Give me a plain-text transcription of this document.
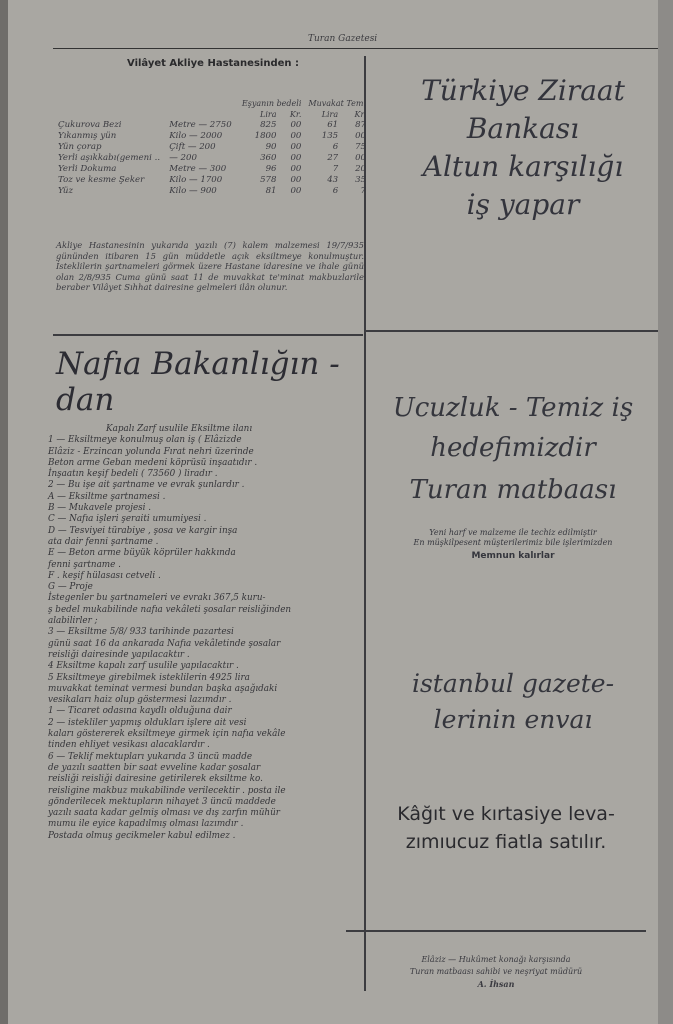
Turan Gazetesi
Vilâyet Akliye Hastanesinden :
		Eşyanın bedeli		Muvakat Tem.	
		Lira	Kr.	Lira	Kr.
Çukurova Bezi	Metre — 2750	825	00	61	87
Yıkanmış yün	Kilo — 2000	1800	00	135	00
Yün çorap	Çift — 200	90	00	6	75
Yerli aşıkkabı(gemeni ..	— 200	360	00	27	00
Yerli Dokuma	Metre — 300	96	00	7	20
Toz ve kesme Şeker	Kilo — 1700	578	00	43	35
Yüz	Kilo — 900	81	00	6	7
Akliye Hastanesinin yukarıda yazılı (7) kalem malzemesi 19/7/935 gününden itibaren 15 gün müddetle açık eksiltmeye konulmuştur. İsteklilerin şartnameleri görmek üzere Hastane idaresine ve ihale günü olan 2/8/935 Cuma günü saat 11 de muvakkat te'minat makbuzlarile beraber Vilâyet Sıhhat dairesine gelmeleri ilân olunur.
Nafıa Bakanlığın -
dan

Kapalı Zarf usulile Eksiltme ilanı

1 — Eksiltmeye konulmuş olan iş ( Elâzizde

Elâziz - Erzincan yolunda Fırat nehri üzerinde

Beton arme Geban medeni köprüsü inşaatıdır .

İnşaatın keşif bedeli ( 73560 ) liradır .

2 — Bu işe ait şartname ve evrak şunlardır .

A — Eksiltme şartnamesi .

B — Mukavele projesi .

C — Nafıa işleri şeraiti umumiyesi .

D — Tesviyei türabiye , şosa ve kargir inşa

ata dair fenni şartname .

E — Beton arme büyük köprüler hakkında

fenni şartname .

F . keşif hülasası cetveli .

G — Proje

İstegenler bu şartnameleri ve evrakı 367,5 kuru-

ş bedel mukabilinde nafıa vekâleti şosalar reisliğinden

alabilirler ;

3 — Eksiltme 5/8/ 933 tarihinde pazartesi

günü saat 16 da ankarada Nafıa vekâletinde şosalar

reisliği dairesinde yapılacaktır .

4 Eksiltme kapalı zarf usulile yapılacaktır .

5 Eksiltmeye girebilmek isteklilerin 4925 lira

muvakkat teminat vermesi bundan başka aşağıdaki

vesikaları haiz olup göstermesi lazımdır .

1 — Ticaret odasına kaydlı olduğuna dair

2 — istekliler yapmış oldukları işlere ait vesi

kaları göstererek eksiltmeye girmek için nafıa vekâle

tinden ehliyet vesikası alacaklardır .

6 — Teklif mektupları yukarıda 3 üncü madde

de yazılı saatten bir saat evveline kadar şosalar

reisliği reisliği dairesine getirilerek eksiltme ko.

reisligine makbuz mukabilinde verilecektir . posta ile

gönderilecek mektupların nihayet 3 üncü maddede

yazılı saata kadar gelmiş olması ve dış zarfın mühür

mumu ile eyice kapadılmış olması lazımdır .

Postada olmuş gecikmeler kabul edilmez .

Türkiye Ziraat
Bankası
Altun karşılığı
iş yapar
Ucuzluk - Temiz iş
hedefimizdir
Turan matbaası
Yeni harf ve malzeme ile techiz edilmiştir
En müşkilpesent müşterilerimiz bile işlerimizden
Memnun kalırlar
istanbul gazete-
lerinin envaı
Kâğıt ve kırtasiye leva-
zımıucuz fiatla satılır.
Elâziz — Hukûmet konağı karşısında
Turan matbaası sahibi ve neşriyat müdürü
A. İhsan
